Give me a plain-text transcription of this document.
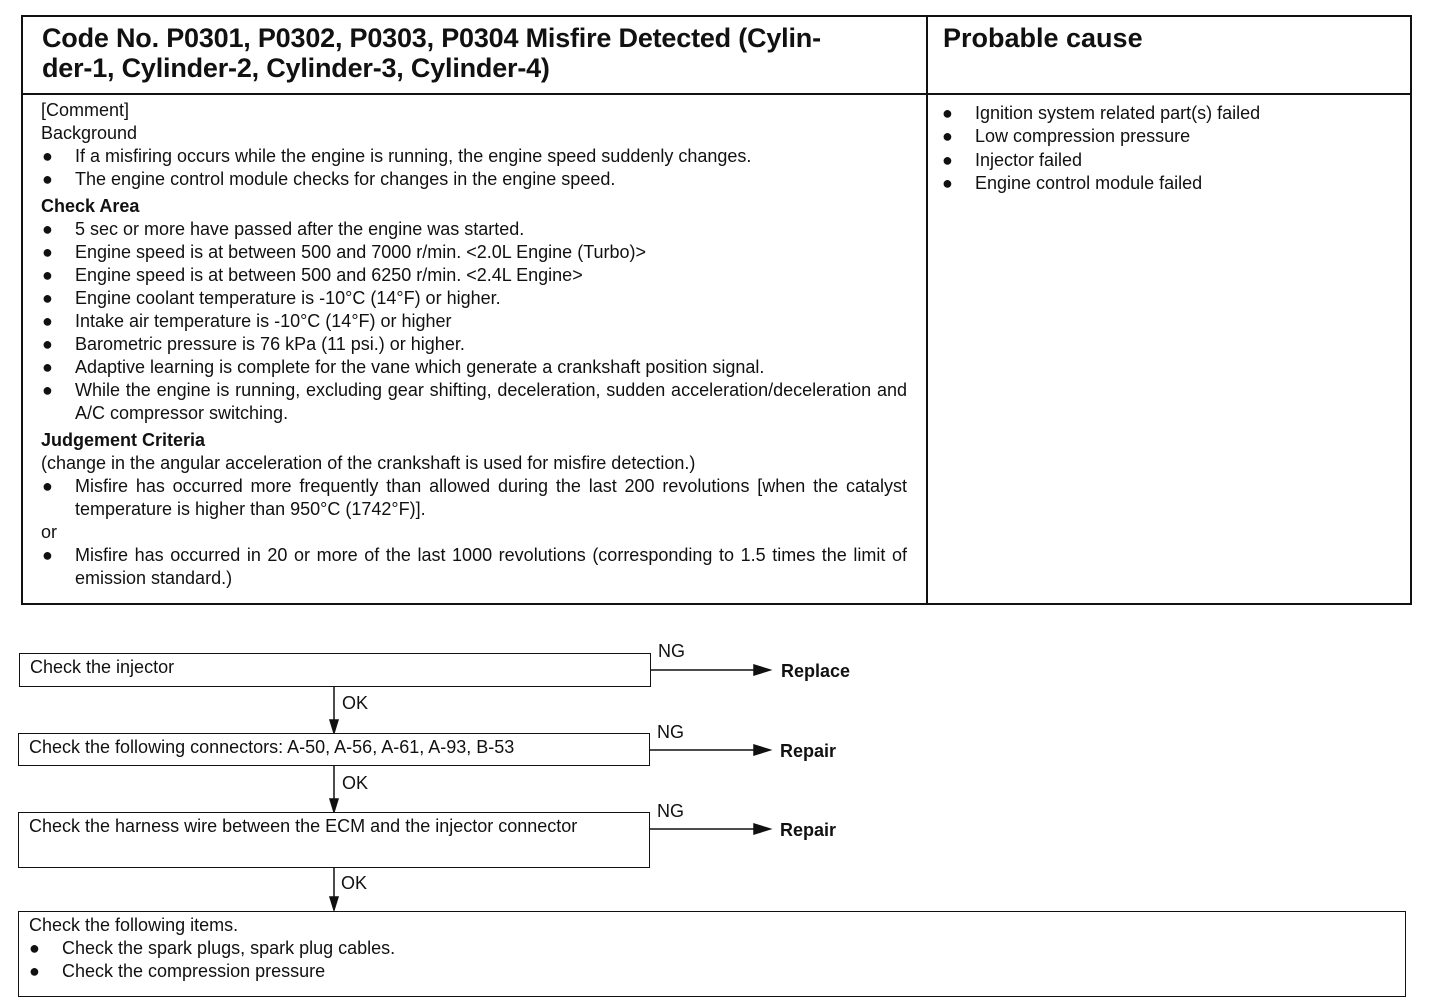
Code No. P0301, P0302, P0303, P0304 Misfire Detected (Cylin-
der-1, Cylinder-2, Cylinder-3, Cylinder-4)
Probable cause
[Comment]
Background
● If a misfiring occurs while the engine is running, the engine speed suddenly changes.
● The engine control module checks for changes in the engine speed.
Check Area
● 5 sec or more have passed after the engine was started.
● Engine speed is at between 500 and 7000 r/min. <2.0L Engine (Turbo)>
● Engine speed is at between 500 and 6250 r/min. <2.4L Engine>
● Engine coolant temperature is -10°C (14°F) or higher.
● Intake air temperature is -10°C (14°F) or higher
● Barometric pressure is 76 kPa (11 psi.) or higher.
● Adaptive learning is complete for the vane which generate a crankshaft position signal.
● While the engine is running, excluding gear shifting, deceleration, sudden acceleration/deceleration and A/C compressor switching.
Judgement Criteria
(change in the angular acceleration of the crankshaft is used for misfire detection.)
● Misfire has occurred more frequently than allowed during the last 200 revolutions [when the catalyst temperature is higher than 950°C (1742°F)].
or
● Misfire has occurred in 20 or more of the last 1000 revolutions (corresponding to 1.5 times the limit of emission standard.)
● Ignition system related part(s) failed
● Low compression pressure
● Injector failed
● Engine control module failed
Check the injector
NG
Replace
OK
Check the following connectors: A-50, A-56, A-61, A-93, B-53
NG
Repair
OK
Check the harness wire between the ECM and the injector connector
NG
Repair
OK
Check the following items.
● Check the spark plugs, spark plug cables.
● Check the compression pressure
